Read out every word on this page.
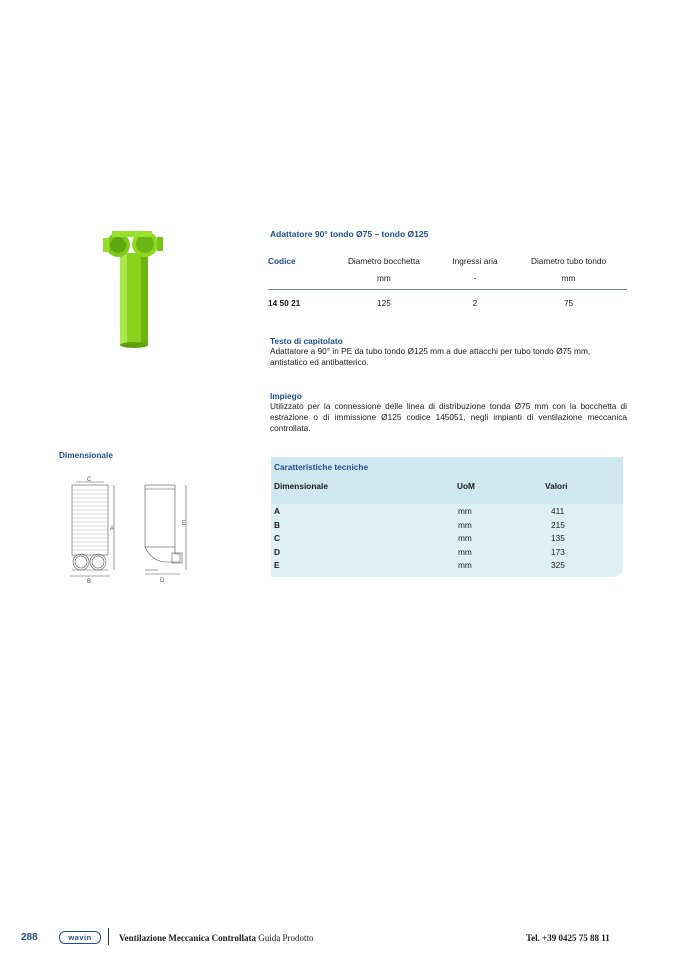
Adattatore 90° tondo Ø75 – tondo Ø125
Codice	Diametro bocchetta	Ingressi aria	Diametro tubo tondo
	mm	-	mm
14 50 21	125	2	75
Testo di capitolato
Adattatore a 90° in PE da tubo tondo Ø125 mm a due attacchi per tubo tondo Ø75 mm, antistatico ed antibatterico.
Impiego
Utilizzato per la connessione delle linea di distribuzione tonda Ø75 mm con la bocchetta di estrazione o di immissione Ø125 codice 145051, negli impianti di ventilazione meccanica controllata.
Dimensionale
C
A
B
E
D
Caratteristiche tecniche
Dimensionale	UoM	Valori
A	mm	411
B	mm	215
C	mm	135
D	mm	173
E	mm	325
288	wavin	Ventilazione Meccanica Controllata Guida Prodotto	Tel. +39 0425 75 88 11
